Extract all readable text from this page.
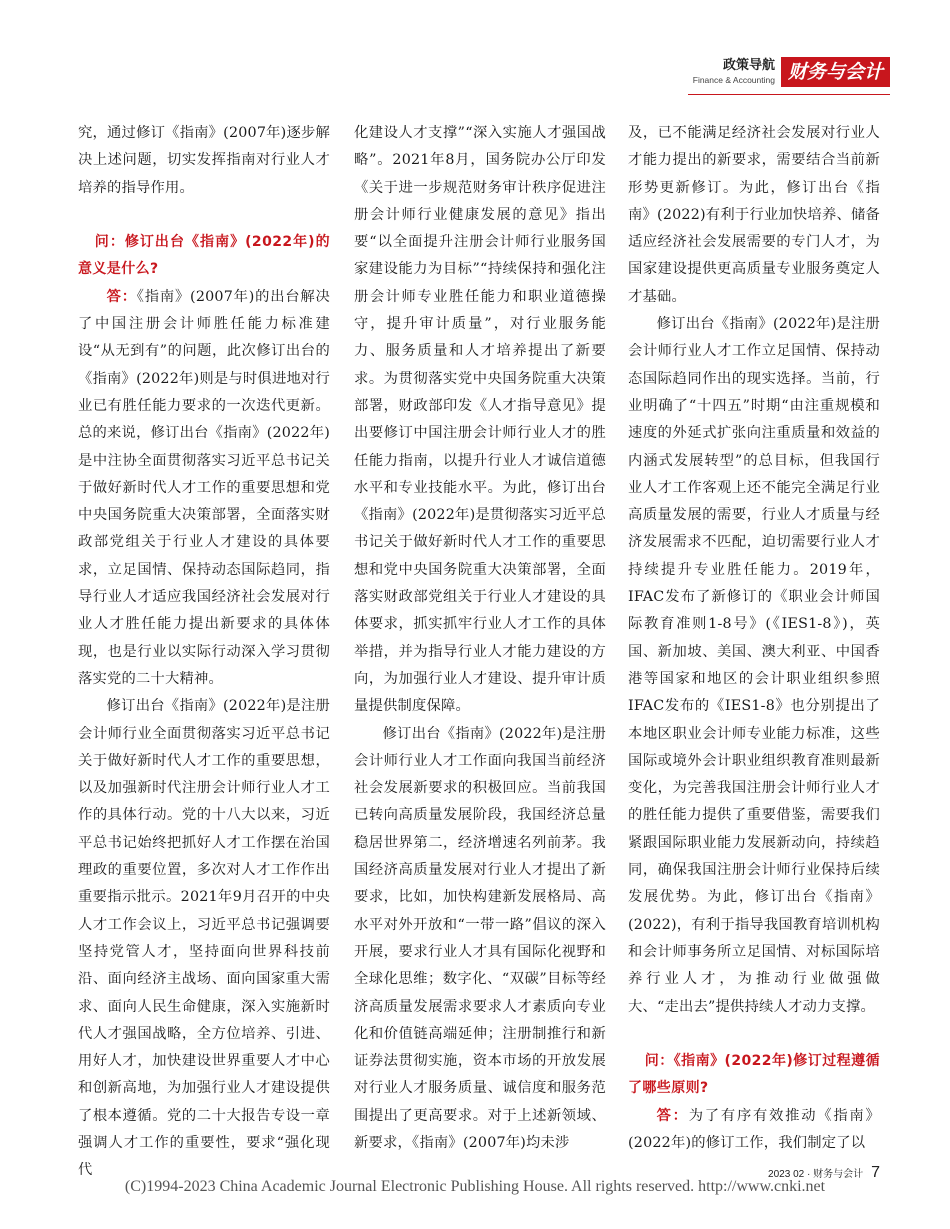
政策导航
Finance & Accounting 财务与会计

究，通过修订《指南》(2007年)逐步解决上述问题，切实发挥指南对行业人才培养的指导作用。

问：修订出台《指南》(2022年)的意义是什么?

答：《指南》(2007年)的出台解决了中国注册会计师胜任能力标准建设“从无到有”的问题，此次修订出台的《指南》(2022年)则是与时俱进地对行业已有胜任能力要求的一次迭代更新。总的来说，修订出台《指南》(2022年)是中注协全面贯彻落实习近平总书记关于做好新时代人才工作的重要思想和党中央国务院重大决策部署，全面落实财政部党组关于行业人才建设的具体要求，立足国情、保持动态国际趋同，指导行业人才适应我国经济社会发展对行业人才胜任能力提出新要求的具体体现，也是行业以实际行动深入学习贯彻落实党的二十大精神。

修订出台《指南》(2022年)是注册会计师行业全面贯彻落实习近平总书记关于做好新时代人才工作的重要思想，以及加强新时代注册会计师行业人才工作的具体行动。党的十八大以来，习近平总书记始终把抓好人才工作摆在治国理政的重要位置，多次对人才工作作出重要指示批示。2021年9月召开的中央人才工作会议上，习近平总书记强调要坚持党管人才，坚持面向世界科技前沿、面向经济主战场、面向国家重大需求、面向人民生命健康，深入实施新时代人才强国战略，全方位培养、引进、用好人才，加快建设世界重要人才中心和创新高地，为加强行业人才建设提供了根本遵循。党的二十大报告专设一章强调人才工作的重要性，要求“强化现代

化建设人才支撑”“深入实施人才强国战略”。2021年8月，国务院办公厅印发《关于进一步规范财务审计秩序促进注册会计师行业健康发展的意见》指出要“以全面提升注册会计师行业服务国家建设能力为目标”“持续保持和强化注册会计师专业胜任能力和职业道德操守，提升审计质量”，对行业服务能力、服务质量和人才培养提出了新要求。为贯彻落实党中央国务院重大决策部署，财政部印发《人才指导意见》提出要修订中国注册会计师行业人才的胜任能力指南，以提升行业人才诚信道德水平和专业技能水平。为此，修订出台《指南》(2022年)是贯彻落实习近平总书记关于做好新时代人才工作的重要思想和党中央国务院重大决策部署，全面落实财政部党组关于行业人才建设的具体要求，抓实抓牢行业人才工作的具体举措，并为指导行业人才能力建设的方向，为加强行业人才建设、提升审计质量提供制度保障。

修订出台《指南》(2022年)是注册会计师行业人才工作面向我国当前经济社会发展新要求的积极回应。当前我国已转向高质量发展阶段，我国经济总量稳居世界第二，经济增速名列前茅。我国经济高质量发展对行业人才提出了新要求，比如，加快构建新发展格局、高水平对外开放和“一带一路”倡议的深入开展，要求行业人才具有国际化视野和全球化思维；数字化、“双碳”目标等经济高质量发展需求要求人才素质向专业化和价值链高端延伸；注册制推行和新证券法贯彻实施，资本市场的开放发展对行业人才服务质量、诚信度和服务范围提出了更高要求。对于上述新领域、新要求，《指南》(2007年)均未涉

及，已不能满足经济社会发展对行业人才能力提出的新要求，需要结合当前新形势更新修订。为此，修订出台《指南》(2022)有利于行业加快培养、储备适应经济社会发展需要的专门人才，为国家建设提供更高质量专业服务奠定人才基础。

修订出台《指南》(2022年)是注册会计师行业人才工作立足国情、保持动态国际趋同作出的现实选择。当前，行业明确了“十四五”时期“由注重规模和速度的外延式扩张向注重质量和效益的内涵式发展转型”的总目标，但我国行业人才工作客观上还不能完全满足行业高质量发展的需要，行业人才质量与经济发展需求不匹配，迫切需要行业人才持续提升专业胜任能力。2019年，IFAC发布了新修订的《职业会计师国际教育准则1-8号》(《IES1-8》)，英国、新加坡、美国、澳大利亚、中国香港等国家和地区的会计职业组织参照IFAC发布的《IES1-8》也分别提出了本地区职业会计师专业能力标准，这些国际或境外会计职业组织教育准则最新变化，为完善我国注册会计师行业人才的胜任能力提供了重要借鉴，需要我们紧跟国际职业能力发展新动向，持续趋同，确保我国注册会计师行业保持后续发展优势。为此，修订出台《指南》(2022)，有利于指导我国教育培训机构和会计师事务所立足国情、对标国际培养行业人才，为推动行业做强做大、“走出去”提供持续人才动力支撑。

问：《指南》(2022年)修订过程遵循了哪些原则?

答：为了有序有效推动《指南》(2022年)的修订工作，我们制定了以

2023 02 · 财务与会计 7
(C)1994-2023 China Academic Journal Electronic Publishing House. All rights reserved. http://www.cnki.net
